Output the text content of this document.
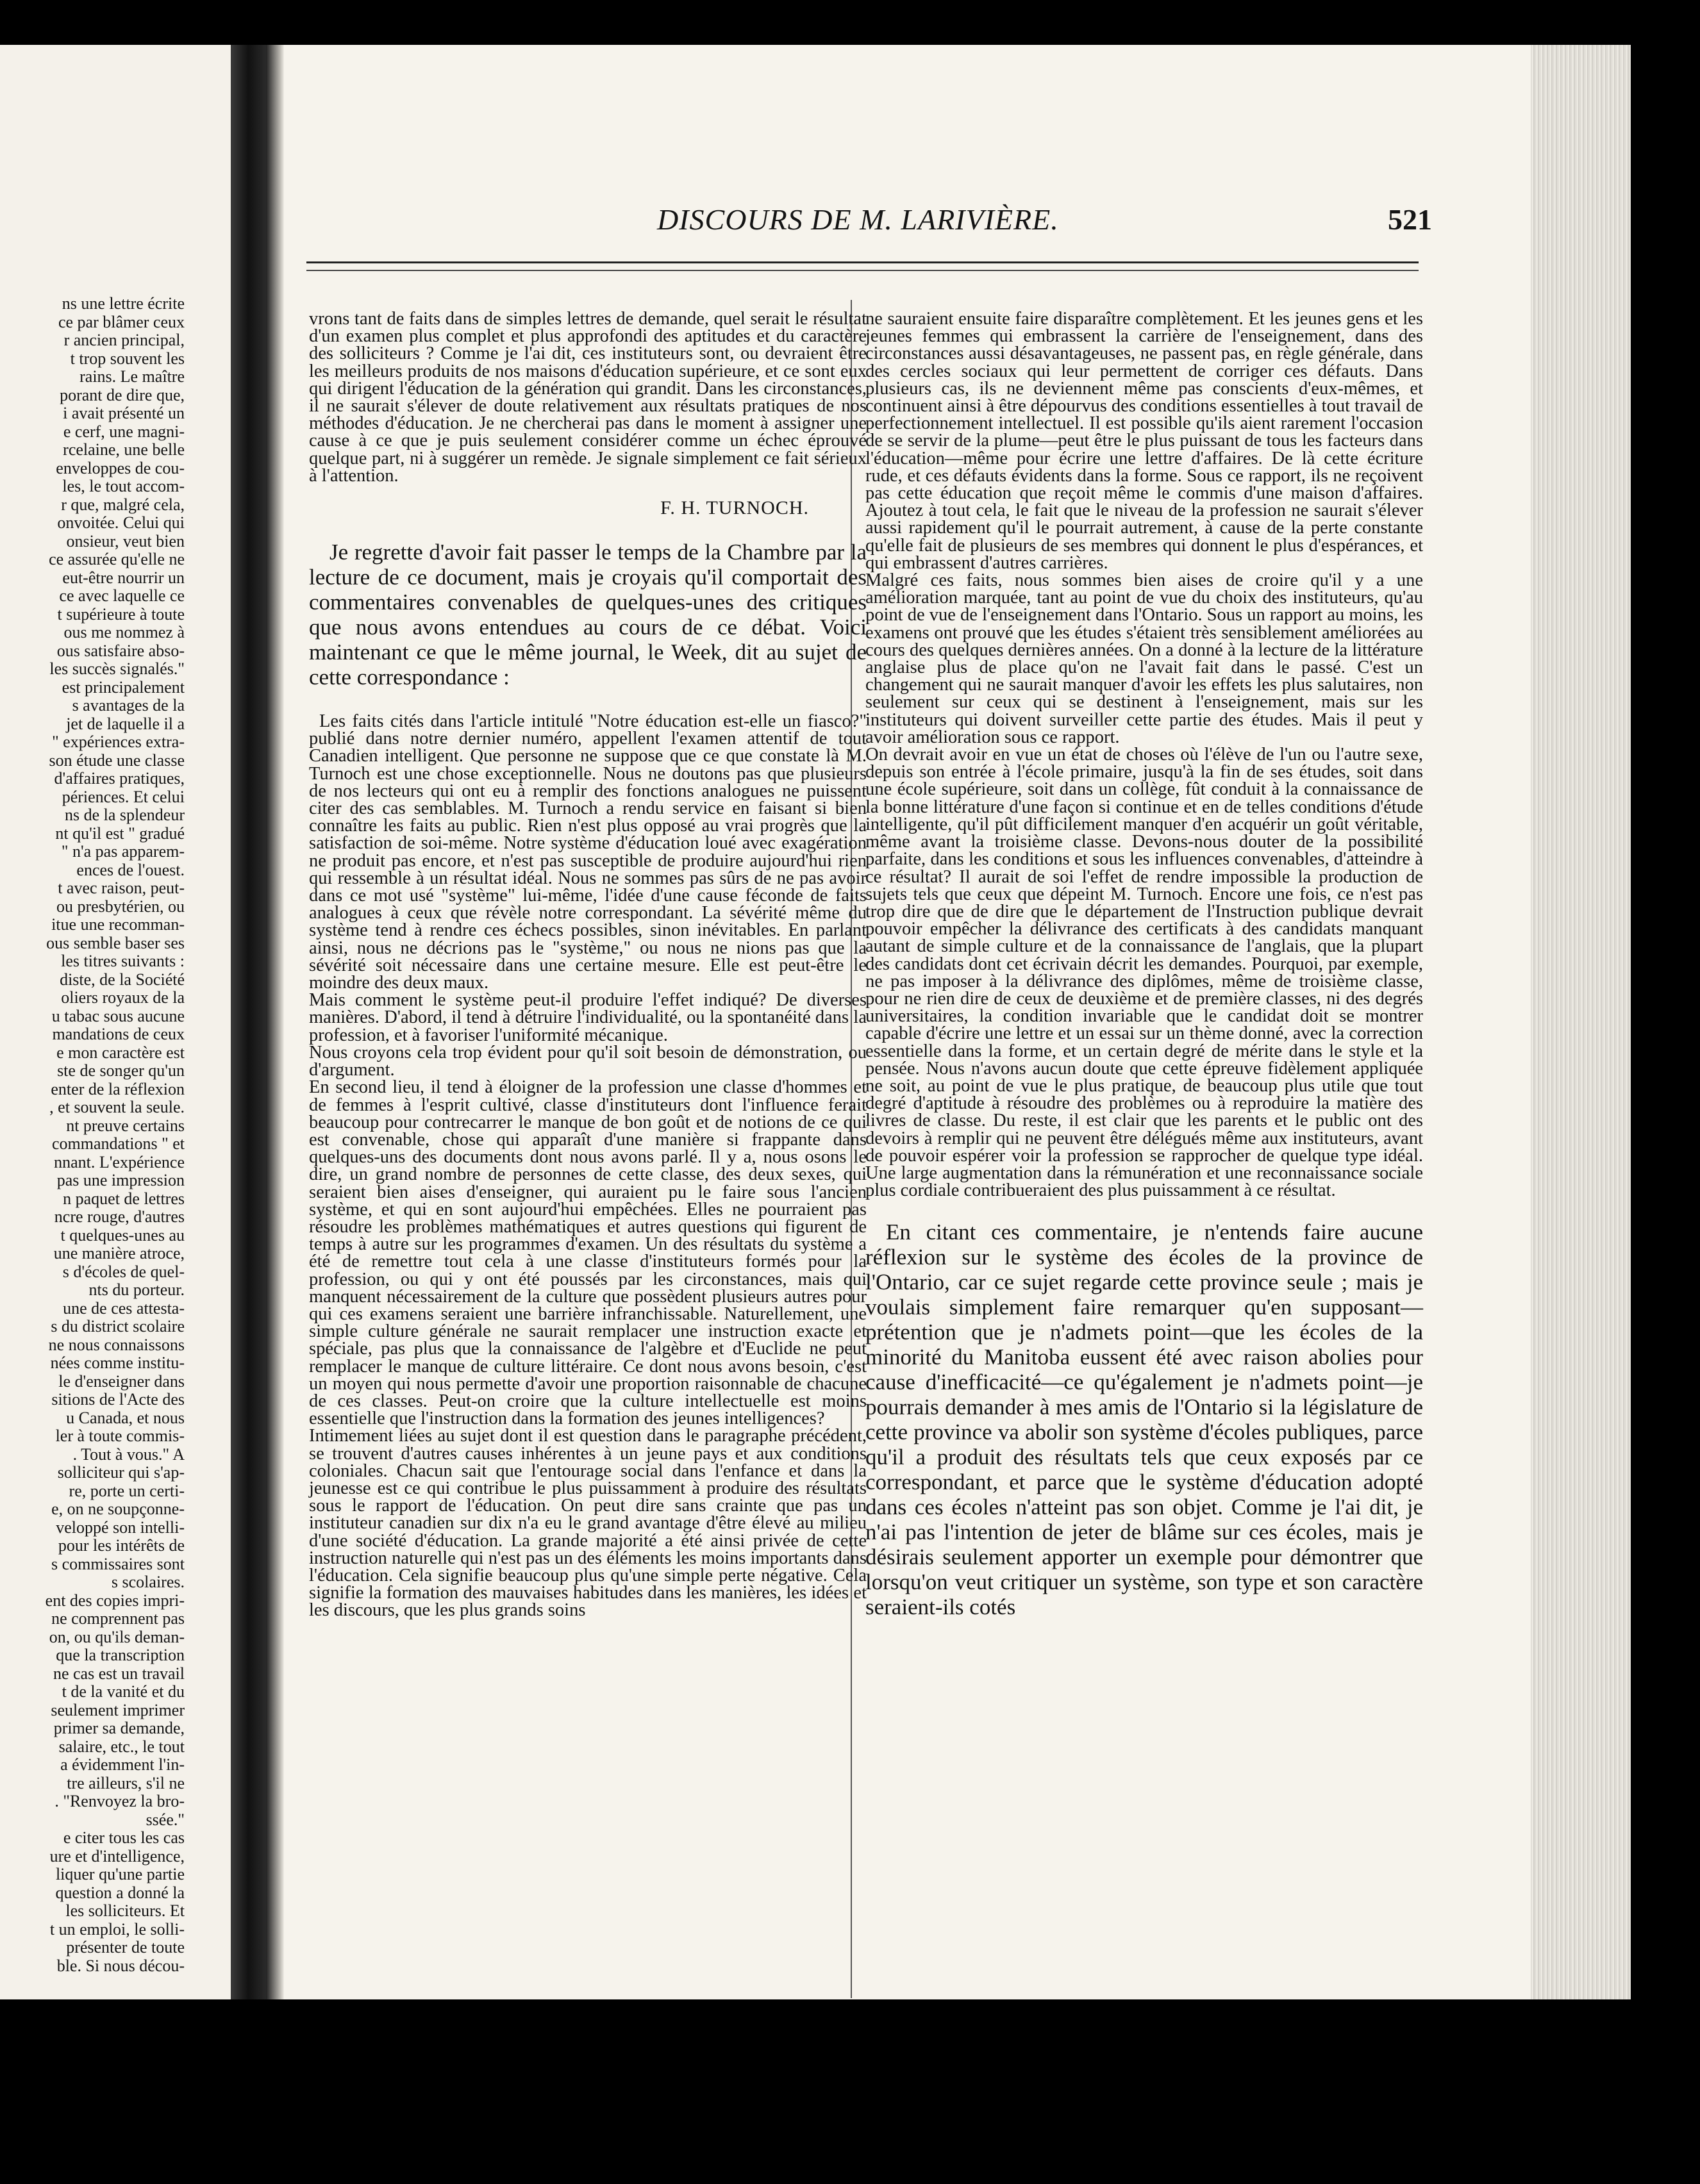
ns une lettre écrite
ce par blâmer ceux
r ancien principal,
t trop souvent les
rains. Le maître
porant de dire que,
i avait présenté un
e cerf, une magni-
rcelaine, une belle
enveloppes de cou-
les, le tout accom-
r que, malgré cela,
onvoitée. Celui qui
onsieur, veut bien
ce assurée qu'elle ne
eut-être nourrir un
ce avec laquelle ce
t supérieure à toute
ous me nommez à
ous satisfaire abso-
les succès signalés."
est principalement
s avantages de la
jet de laquelle il a
" expériences extra-
son étude une classe
d'affaires pratiques,
périences. Et celui
ns de la splendeur
nt qu'il est " gradué
" n'a pas apparem-
ences de l'ouest.
t avec raison, peut-
ou presbytérien, ou
itue une recomman-
ous semble baser ses
les titres suivants :
diste, de la Société
oliers royaux de la
u tabac sous aucune
mandations de ceux
e mon caractère est
ste de songer qu'un
enter de la réflexion
, et souvent la seule.
nt preuve certains
commandations " et
nnant. L'expérience
pas une impression
n paquet de lettres
ncre rouge, d'autres
t quelques-unes au
une manière atroce,
s d'écoles de quel-
nts du porteur.
une de ces attesta-
s du district scolaire
ne nous connaissons
nées comme institu-
le d'enseigner dans
sitions de l'Acte des
u Canada, et nous
ler à toute commis-
. Tout à vous." A
solliciteur qui s'ap-
re, porte un certi-
e, on ne soupçonne-
veloppé son intelli-
pour les intérêts de
s commissaires sont
s scolaires.
ent des copies impri-
ne comprennent pas
on, ou qu'ils deman-
que la transcription
ne cas est un travail
t de la vanité et du
seulement imprimer
primer sa demande,
salaire, etc., le tout
a évidemment l'in-
tre ailleurs, s'il ne
. "Renvoyez la bro-
ssée."
e citer tous les cas
ure et d'intelligence,
liquer qu'une partie
question a donné la
les solliciteurs. Et
t un emploi, le solli-
présenter de toute
ble. Si nous décou-
DISCOURS DE M. LARIVIÈRE.	521

vrons tant de faits dans de simples lettres de demande, quel serait le résultat d'un examen plus complet et plus approfondi des aptitudes et du caractère des solliciteurs ? Comme je l'ai dit, ces instituteurs sont, ou devraient être les meilleurs produits de nos maisons d'éducation supérieure, et ce sont eux qui dirigent l'éducation de la génération qui grandit. Dans les circonstances, il ne saurait s'élever de doute relativement aux résultats pratiques de nos méthodes d'éducation. Je ne chercherai pas dans le moment à assigner une cause à ce que je puis seulement considérer comme un échec éprouvé quelque part, ni à suggérer un remède. Je signale simplement ce fait sérieux à l'attention.

F. H. TURNOCH.

Je regrette d'avoir fait passer le temps de la Chambre par la lecture de ce document, mais je croyais qu'il comportait des commentaires convenables de quelques-unes des critiques que nous avons entendues au cours de ce débat. Voici maintenant ce que le même journal, le Week, dit au sujet de cette correspondance :

Les faits cités dans l'article intitulé "Notre éducation est-elle un fiasco?" publié dans notre dernier numéro, appellent l'examen attentif de tout Canadien intelligent. Que personne ne suppose que ce que constate là M. Turnoch est une chose exceptionnelle. Nous ne doutons pas que plusieurs de nos lecteurs qui ont eu à remplir des fonctions analogues ne puissent citer des cas semblables. M. Turnoch a rendu service en faisant si bien connaître les faits au public. Rien n'est plus opposé au vrai progrès que la satisfaction de soi-même. Notre système d'éducation loué avec exagération ne produit pas encore, et n'est pas susceptible de produire aujourd'hui rien qui ressemble à un résultat idéal. Nous ne sommes pas sûrs de ne pas avoir dans ce mot usé "système" lui-même, l'idée d'une cause féconde de faits analogues à ceux que révèle notre correspondant. La sévérité même du système tend à rendre ces échecs possibles, sinon inévitables. En parlant ainsi, nous ne décrions pas le "système," ou nous ne nions pas que la sévérité soit nécessaire dans une certaine mesure. Elle est peut-être le moindre des deux maux.
Mais comment le système peut-il produire l'effet indiqué? De diverses manières. D'abord, il tend à détruire l'individualité, ou la spontanéité dans la profession, et à favoriser l'uniformité mécanique.
Nous croyons cela trop évident pour qu'il soit besoin de démonstration, ou d'argument.
En second lieu, il tend à éloigner de la profession une classe d'hommes et de femmes à l'esprit cultivé, classe d'instituteurs dont l'influence ferait beaucoup pour contrecarrer le manque de bon goût et de notions de ce qui est convenable, chose qui apparaît d'une manière si frappante dans quelques-uns des documents dont nous avons parlé. Il y a, nous osons le dire, un grand nombre de personnes de cette classe, des deux sexes, qui seraient bien aises d'enseigner, qui auraient pu le faire sous l'ancien système, et qui en sont aujourd'hui empêchées. Elles ne pourraient pas résoudre les problèmes mathématiques et autres questions qui figurent de temps à autre sur les programmes d'examen. Un des résultats du système a été de remettre tout cela à une classe d'instituteurs formés pour la profession, ou qui y ont été poussés par les circonstances, mais qui manquent nécessairement de la culture que possèdent plusieurs autres pour qui ces examens seraient une barrière infranchissable. Naturellement, une simple culture générale ne saurait remplacer une instruction exacte et spéciale, pas plus que la connaissance de l'algèbre et d'Euclide ne peut remplacer le manque de culture littéraire. Ce dont nous avons besoin, c'est un moyen qui nous permette d'avoir une proportion raisonnable de chacune de ces classes. Peut-on croire que la culture intellectuelle est moins essentielle que l'instruction dans la formation des jeunes intelligences?
Intimement liées au sujet dont il est question dans le paragraphe précédent, se trouvent d'autres causes inhérentes à un jeune pays et aux conditions coloniales. Chacun sait que l'entourage social dans l'enfance et dans la jeunesse est ce qui contribue le plus puissamment à produire des résultats sous le rapport de l'éducation. On peut dire sans crainte que pas un instituteur canadien sur dix n'a eu le grand avantage d'être élevé au milieu d'une société d'éducation. La grande majorité a été ainsi privée de cette instruction naturelle qui n'est pas un des éléments les moins importants dans l'éducation. Cela signifie beaucoup plus qu'une simple perte négative. Cela signifie la formation des mauvaises habitudes dans les manières, les idées et les discours, que les plus grands soins

ne sauraient ensuite faire disparaître complètement. Et les jeunes gens et les jeunes femmes qui embrassent la carrière de l'enseignement, dans des circonstances aussi désavantageuses, ne passent pas, en règle générale, dans des cercles sociaux qui leur permettent de corriger ces défauts. Dans plusieurs cas, ils ne deviennent même pas conscients d'eux-mêmes, et continuent ainsi à être dépourvus des conditions essentielles à tout travail de perfectionnement intellectuel. Il est possible qu'ils aient rarement l'occasion de se servir de la plume—peut être le plus puissant de tous les facteurs dans l'éducation—même pour écrire une lettre d'affaires. De là cette écriture rude, et ces défauts évidents dans la forme. Sous ce rapport, ils ne reçoivent pas cette éducation que reçoit même le commis d'une maison d'affaires. Ajoutez à tout cela, le fait que le niveau de la profession ne saurait s'élever aussi rapidement qu'il le pourrait autrement, à cause de la perte constante qu'elle fait de plusieurs de ses membres qui donnent le plus d'espérances, et qui embrassent d'autres carrières.
Malgré ces faits, nous sommes bien aises de croire qu'il y a une amélioration marquée, tant au point de vue du choix des instituteurs, qu'au point de vue de l'enseignement dans l'Ontario. Sous un rapport au moins, les examens ont prouvé que les études s'étaient très sensiblement améliorées au cours des quelques dernières années. On a donné à la lecture de la littérature anglaise plus de place qu'on ne l'avait fait dans le passé. C'est un changement qui ne saurait manquer d'avoir les effets les plus salutaires, non seulement sur ceux qui se destinent à l'enseignement, mais sur les instituteurs qui doivent surveiller cette partie des études. Mais il peut y avoir amélioration sous ce rapport.
On devrait avoir en vue un état de choses où l'élève de l'un ou l'autre sexe, depuis son entrée à l'école primaire, jusqu'à la fin de ses études, soit dans une école supérieure, soit dans un collège, fût conduit à la connaissance de la bonne littérature d'une façon si continue et en de telles conditions d'étude intelligente, qu'il pût difficilement manquer d'en acquérir un goût véritable, même avant la troisième classe. Devons-nous douter de la possibilité parfaite, dans les conditions et sous les influences convenables, d'atteindre à ce résultat? Il aurait de soi l'effet de rendre impossible la production de sujets tels que ceux que dépeint M. Turnoch. Encore une fois, ce n'est pas trop dire que de dire que le département de l'Instruction publique devrait pouvoir empêcher la délivrance des certificats à des candidats manquant autant de simple culture et de la connaissance de l'anglais, que la plupart des candidats dont cet écrivain décrit les demandes. Pourquoi, par exemple, ne pas imposer à la délivrance des diplômes, même de troisième classe, pour ne rien dire de ceux de deuxième et de première classes, ni des degrés universitaires, la condition invariable que le candidat doit se montrer capable d'écrire une lettre et un essai sur un thème donné, avec la correction essentielle dans la forme, et un certain degré de mérite dans le style et la pensée. Nous n'avons aucun doute que cette épreuve fidèlement appliquée ne soit, au point de vue le plus pratique, de beaucoup plus utile que tout degré d'aptitude à résoudre des problèmes ou à reproduire la matière des livres de classe. Du reste, il est clair que les parents et le public ont des devoirs à remplir qui ne peuvent être délégués même aux instituteurs, avant de pouvoir espérer voir la profession se rapprocher de quelque type idéal. Une large augmentation dans la rémunération et une reconnaissance sociale plus cordiale contribueraient des plus puissamment à ce résultat.

En citant ces commentaire, je n'entends faire aucune réflexion sur le système des écoles de la province de l'Ontario, car ce sujet regarde cette province seule ; mais je voulais simplement faire remarquer qu'en supposant—prétention que je n'admets point—que les écoles de la minorité du Manitoba eussent été avec raison abolies pour cause d'inefficacité—ce qu'également je n'admets point—je pourrais demander à mes amis de l'Ontario si la législature de cette province va abolir son système d'écoles publiques, parce qu'il a produit des résultats tels que ceux exposés par ce correspondant, et parce que le système d'éducation adopté dans ces écoles n'atteint pas son objet. Comme je l'ai dit, je n'ai pas l'intention de jeter de blâme sur ces écoles, mais je désirais seulement apporter un exemple pour démontrer que lorsqu'on veut critiquer un système, son type et son caractère seraient-ils cotés
